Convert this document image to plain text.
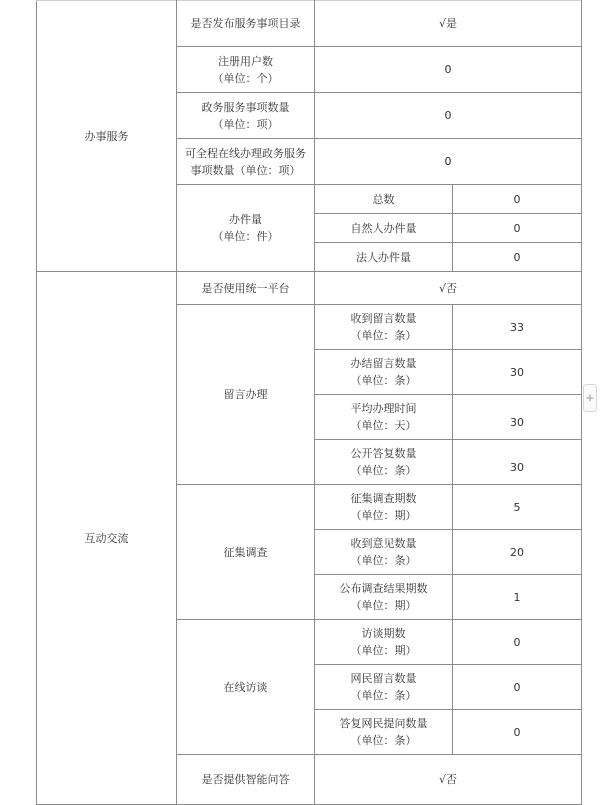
办事服务	是否发布服务事项目录	√是	

	注册用户数
（单位：个）	0	

	政务服务事项数量
（单位：项）	0	

	可全程在线办理政务服务
事项数量（单位：项）	0	

	办件量
（单位：件）	总数	0
		自然人办件量	0
		法人办件量	0
互动交流	是否使用统一平台	√否	
	留言办理	收到留言数量
（单位：条）	33

		办结留言数量
（单位：条）	30

		平均办理时间
（单位：天）	30

		公开答复数量
（单位：条）	30
	征集调查	征集调查期数
（单位：期）	5

		收到意见数量
（单位：条）	20

		公布调查结果期数
（单位：期）	1
	在线访谈	访谈期数
（单位：期）	0

		网民留言数量
（单位：条）	0

		答复网民提问数量
（单位：条）	0
	是否提供智能问答	√否	
